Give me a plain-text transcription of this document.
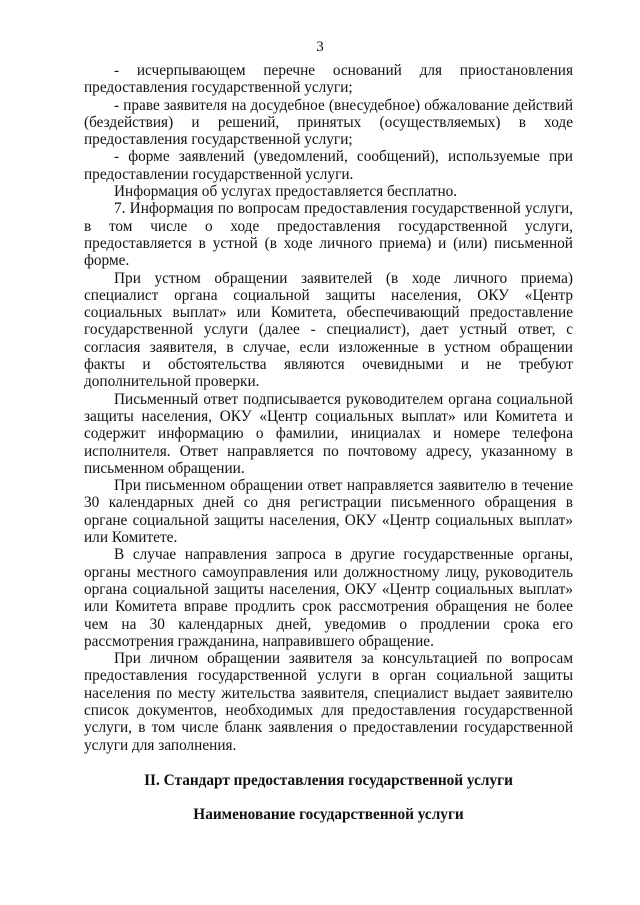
3

- исчерпывающем перечне оснований для приостановления предоставления государственной услуги;

- праве заявителя на досудебное (внесудебное) обжалование действий (бездействия) и решений, принятых (осуществляемых) в ходе предоставления государственной услуги;

- форме заявлений (уведомлений, сообщений), используемые при предоставлении государственной услуги.

Информация об услугах предоставляется бесплатно.

7. Информация по вопросам предоставления государственной услуги, в том числе о ходе предоставления государственной услуги, предоставляется в устной (в ходе личного приема) и (или) письменной форме.

При устном обращении заявителей (в ходе личного приема) специалист органа социальной защиты населения, ОКУ «Центр социальных выплат» или Комитета, обеспечивающий предоставление государственной услуги (далее - специалист), дает устный ответ, с согласия заявителя, в случае, если изложенные в устном обращении факты и обстоятельства являются очевидными и не требуют дополнительной проверки.

Письменный ответ подписывается руководителем органа социальной защиты населения, ОКУ «Центр социальных выплат» или Комитета и содержит информацию о фамилии, инициалах и номере телефона исполнителя. Ответ направляется по почтовому адресу, указанному в письменном обращении.

При письменном обращении ответ направляется заявителю в течение 30 календарных дней со дня регистрации письменного обращения в органе социальной защиты населения, ОКУ «Центр социальных выплат» или Комитете.

В случае направления запроса в другие государственные органы, органы местного самоуправления или должностному лицу, руководитель органа социальной защиты населения, ОКУ «Центр социальных выплат» или Комитета вправе продлить срок рассмотрения обращения не более чем на 30 календарных дней, уведомив о продлении срока его рассмотрения гражданина, направившего обращение.

При личном обращении заявителя за консультацией по вопросам предоставления государственной услуги в орган социальной защиты населения по месту жительства заявителя, специалист выдает заявителю список документов, необходимых для предоставления государственной услуги, в том числе бланк заявления о предоставлении государственной услуги для заполнения.

II. Стандарт предоставления государственной услуги
Наименование государственной услуги
